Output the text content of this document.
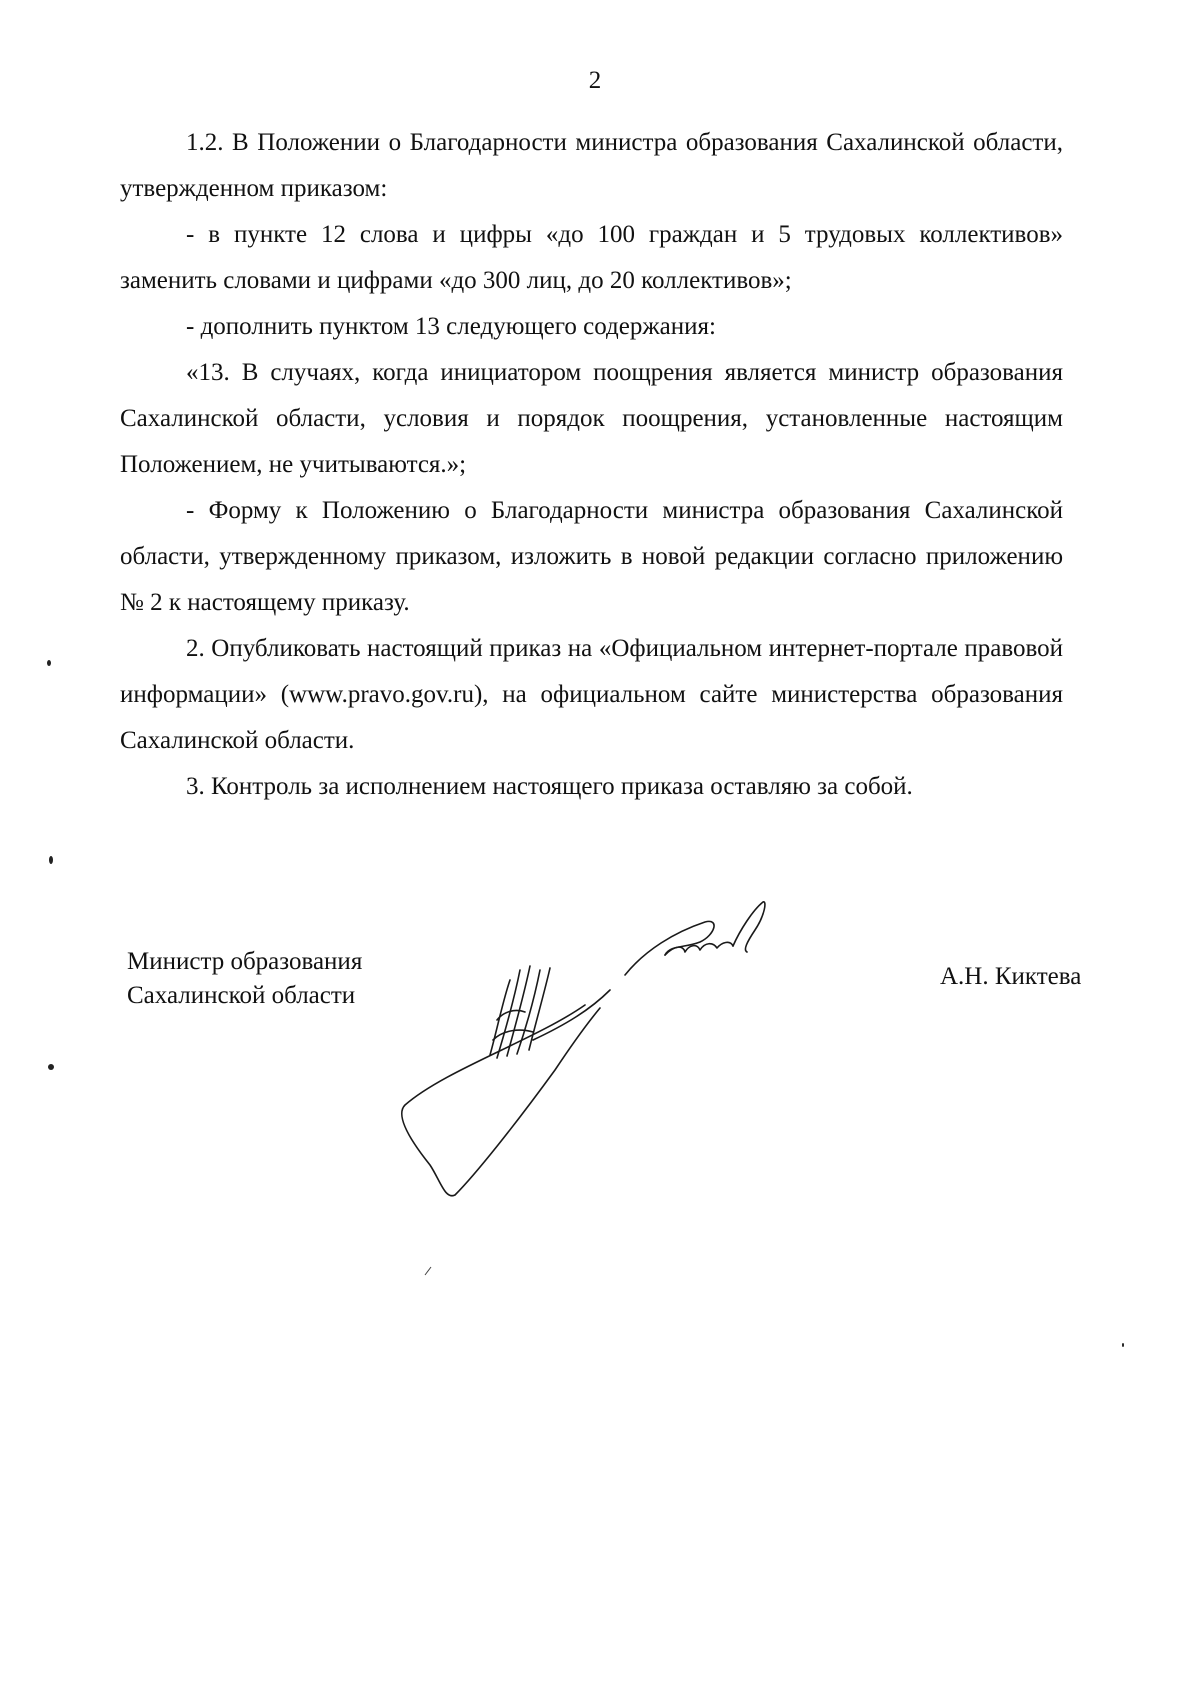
2

1.2. В Положении о Благодарности министра образования Сахалинской области, утвержденном приказом:

- в пункте 12 слова и цифры «до 100 граждан и 5 трудовых коллективов» заменить словами и цифрами «до 300 лиц, до 20 коллективов»;

- дополнить пунктом 13 следующего содержания:

«13. В случаях, когда инициатором поощрения является министр образования Сахалинской области, условия и порядок поощрения, установленные настоящим Положением, не учитываются.»;

- Форму к Положению о Благодарности министра образования Сахалинской области, утвержденному приказом, изложить в новой редакции согласно приложению № 2 к настоящему приказу.

2. Опубликовать настоящий приказ на «Официальном интернет-портале правовой информации» (www.pravo.gov.ru), на официальном сайте министерства образования Сахалинской области.

3. Контроль за исполнением настоящего приказа оставляю за собой.

Министр образования
Сахалинской области
А.Н. Киктева
